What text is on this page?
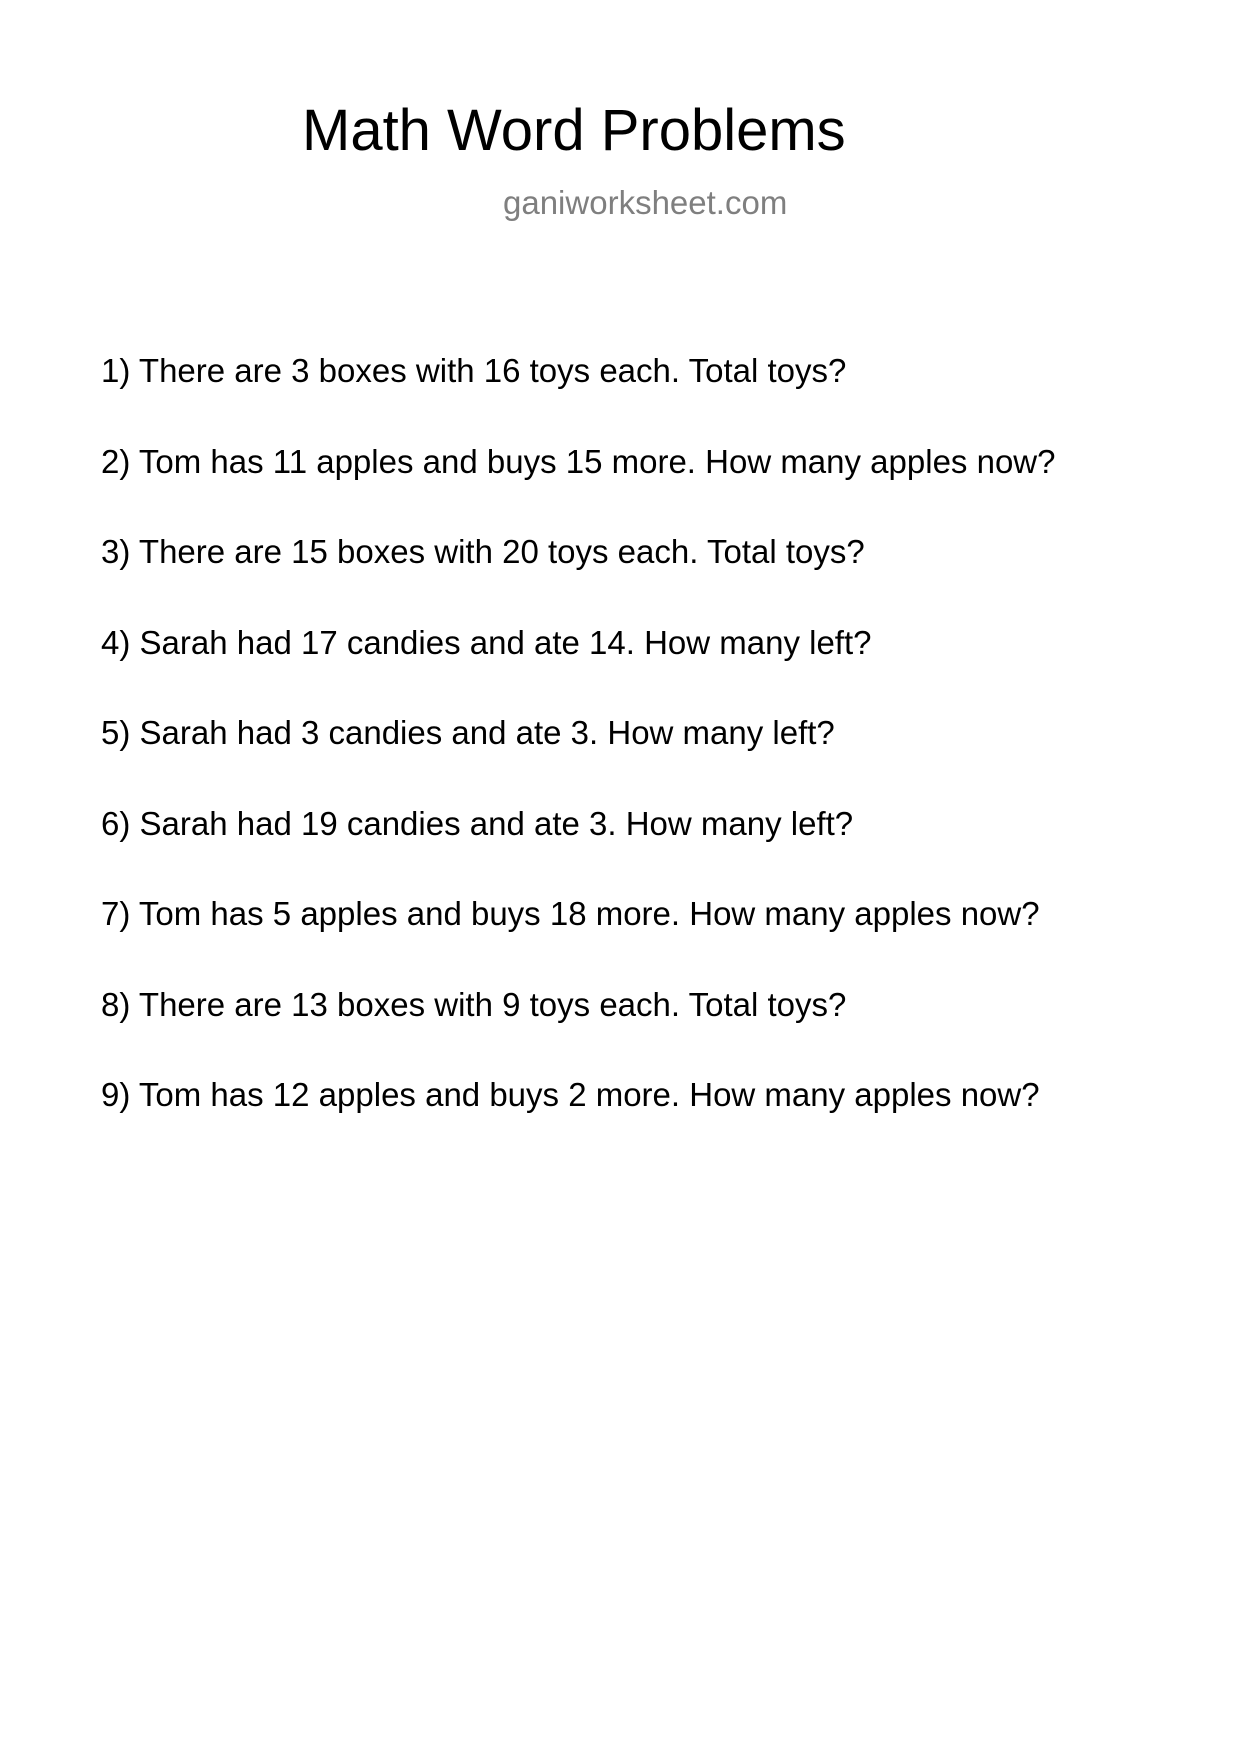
Math Word Problems
ganiworksheet.com
1) There are 3 boxes with 16 toys each. Total toys?
2) Tom has 11 apples and buys 15 more. How many apples now?
3) There are 15 boxes with 20 toys each. Total toys?
4) Sarah had 17 candies and ate 14. How many left?
5) Sarah had 3 candies and ate 3. How many left?
6) Sarah had 19 candies and ate 3. How many left?
7) Tom has 5 apples and buys 18 more. How many apples now?
8) There are 13 boxes with 9 toys each. Total toys?
9) Tom has 12 apples and buys 2 more. How many apples now?
